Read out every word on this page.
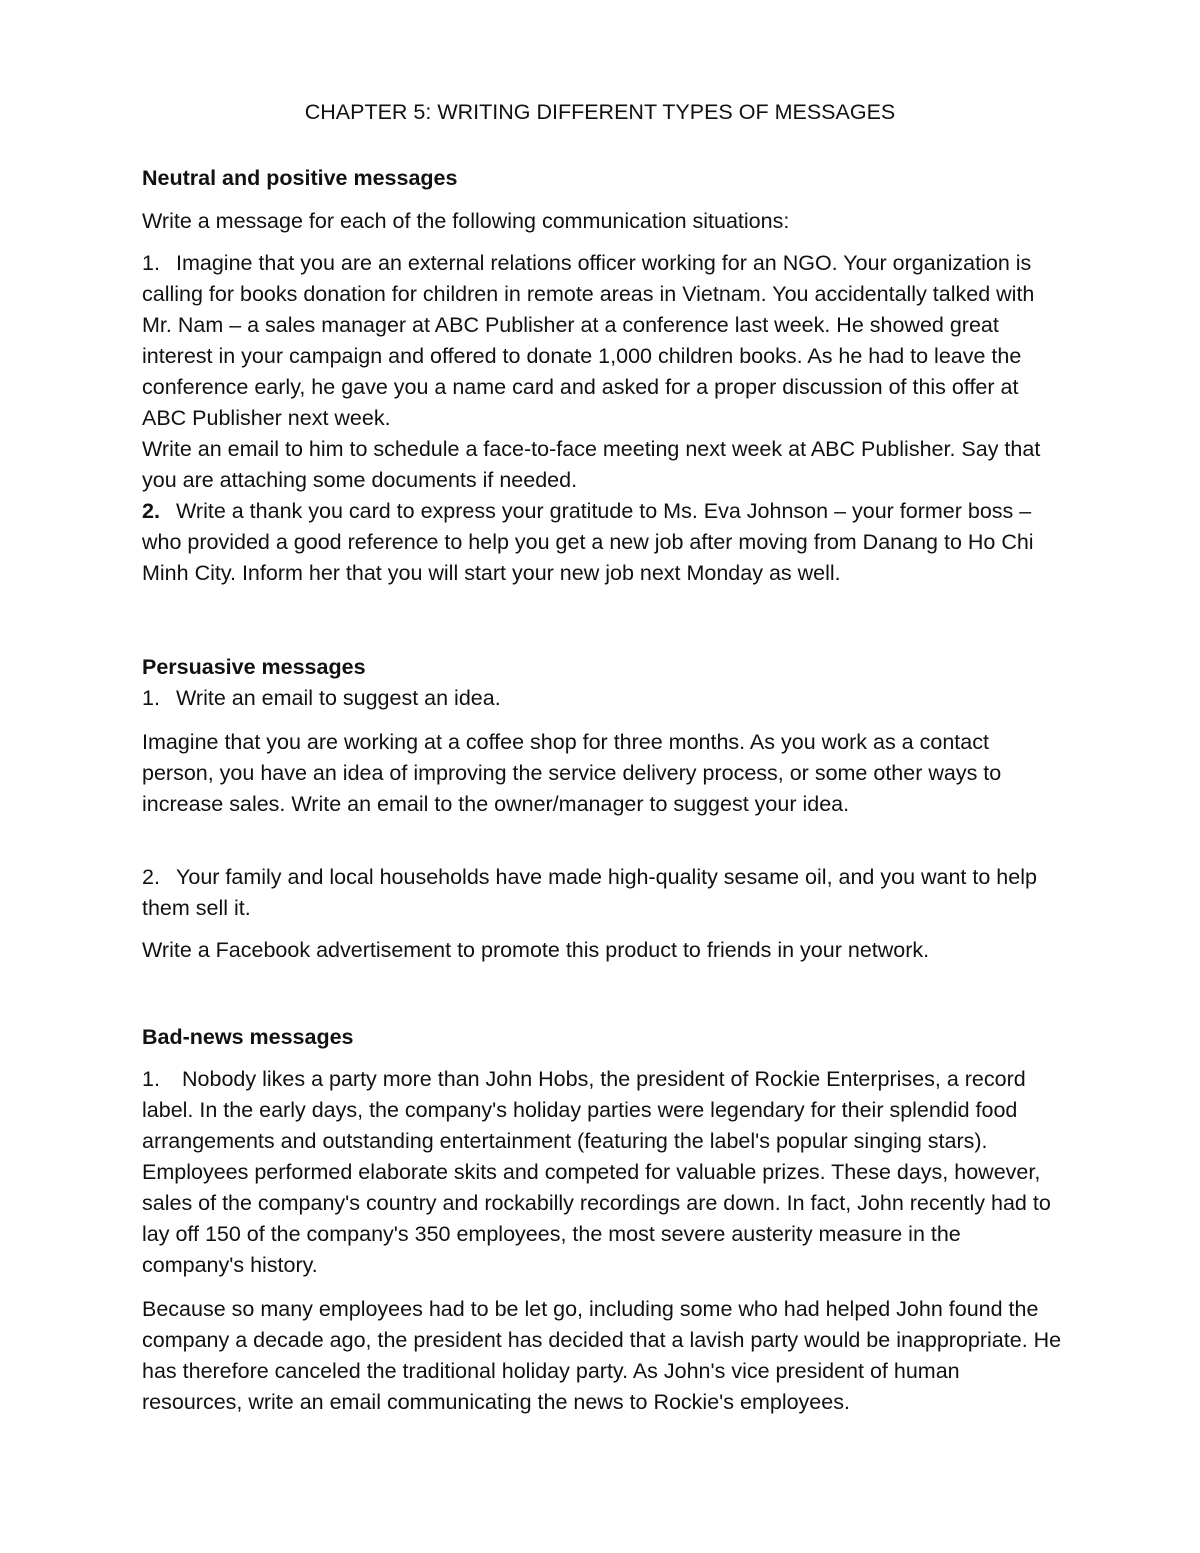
CHAPTER 5: WRITING DIFFERENT TYPES OF MESSAGES
Neutral and positive messages

Write a message for each of the following communication situations:

1. Imagine that you are an external relations officer working for an NGO. Your organization is calling for books donation for children in remote areas in Vietnam. You accidentally talked with Mr. Nam – a sales manager at ABC Publisher at a conference last week. He showed great interest in your campaign and offered to donate 1,000 children books. As he had to leave the conference early, he gave you a name card and asked for a proper discussion of this offer at ABC Publisher next week.

Write an email to him to schedule a face-to-face meeting next week at ABC Publisher. Say that you are attaching some documents if needed.

2. Write a thank you card to express your gratitude to Ms. Eva Johnson – your former boss – who provided a good reference to help you get a new job after moving from Danang to Ho Chi Minh City. Inform her that you will start your new job next Monday as well.

Persuasive messages

1. Write an email to suggest an idea.

Imagine that you are working at a coffee shop for three months. As you work as a contact person, you have an idea of improving the service delivery process, or some other ways to increase sales. Write an email to the owner/manager to suggest your idea.

2. Your family and local households have made high-quality sesame oil, and you want to help them sell it.

Write a Facebook advertisement to promote this product to friends in your network.

Bad-news messages

1. Nobody likes a party more than John Hobs, the president of Rockie Enterprises, a record label. In the early days, the company's holiday parties were legendary for their splendid food arrangements and outstanding entertainment (featuring the label's popular singing stars). Employees performed elaborate skits and competed for valuable prizes. These days, however, sales of the company's country and rockabilly recordings are down. In fact, John recently had to lay off 150 of the company's 350 employees, the most severe austerity measure in the company's history.

Because so many employees had to be let go, including some who had helped John found the company a decade ago, the president has decided that a lavish party would be inappropriate. He has therefore canceled the traditional holiday party. As John's vice president of human resources, write an email communicating the news to Rockie's employees.
